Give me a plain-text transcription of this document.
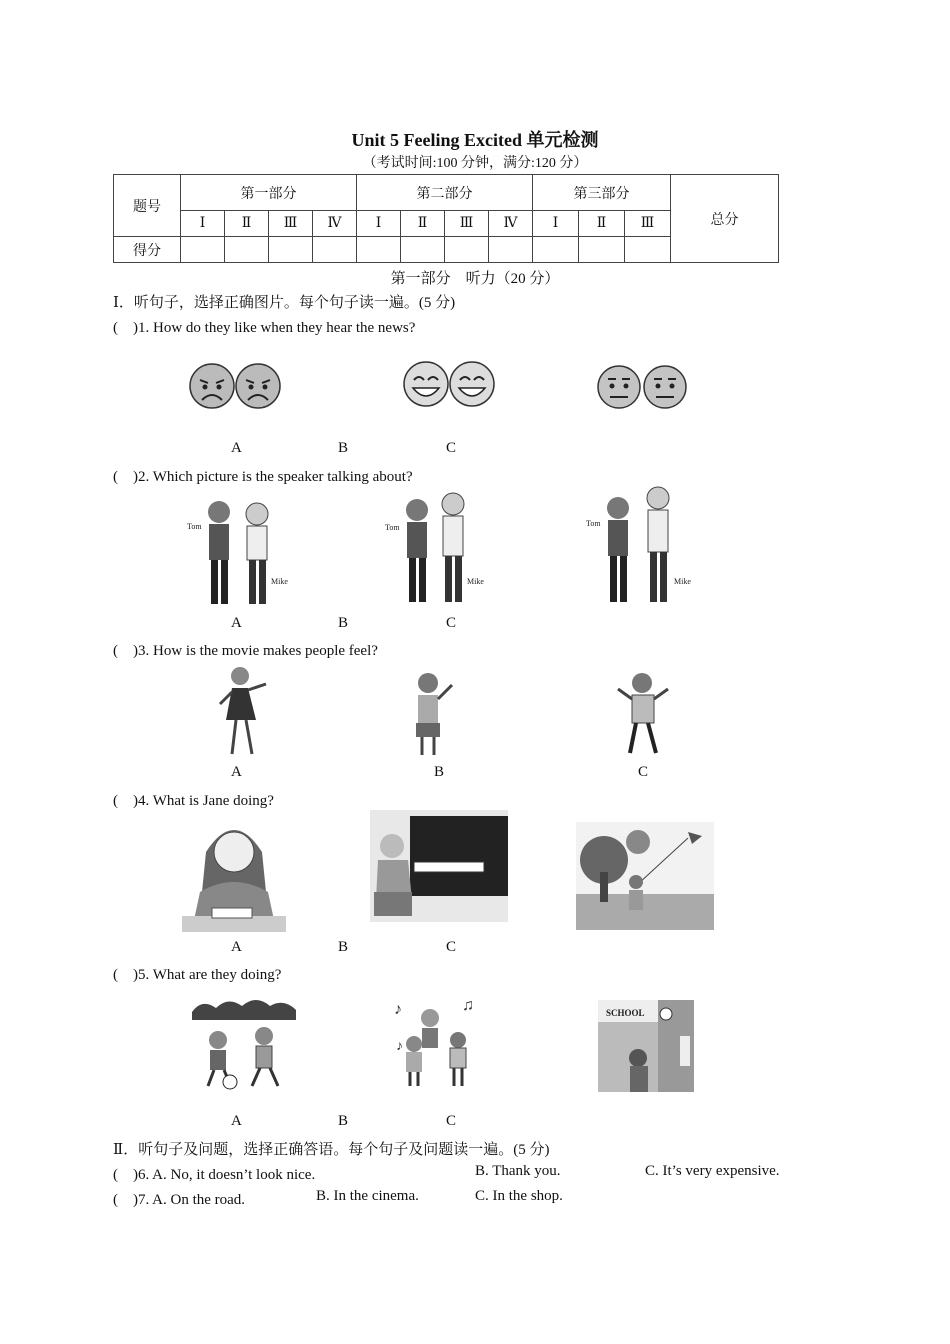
Unit 5 Feeling Excited 单元检测
（考试时间:100 分钟，满分:120 分）
题号	第一部分				第二部分				第三部分			总分
	Ⅰ	Ⅱ	Ⅲ	Ⅳ	Ⅰ	Ⅱ	Ⅲ	Ⅳ	Ⅰ	Ⅱ	Ⅲ	
得分												
第一部分　听力（20 分）
Ⅰ．听句子，选择正确图片。每个句子读一遍。(5 分)
(　)1. How do they like when they hear the news?
A	B	C
(　)2. Which picture is the speaker talking about?
Tom
Mike
Tom
Mike
Tom
Mike
A	B	C
(　)3. How is the movie makes people feel?
A	B	C
(　)4. What is Jane doing?
A	B	C
(　)5. What are they doing?
♪	♫
♪
SCHOOL
A	B	C
Ⅱ．听句子及问题，选择正确答语。每个句子及问题读一遍。(5 分)
(　)6. A. No, it doesn’t look nice.	B. Thank you.	C. It’s very expensive.
(　)7. A. On the road.	B. In the cinema.	C. In the shop.
